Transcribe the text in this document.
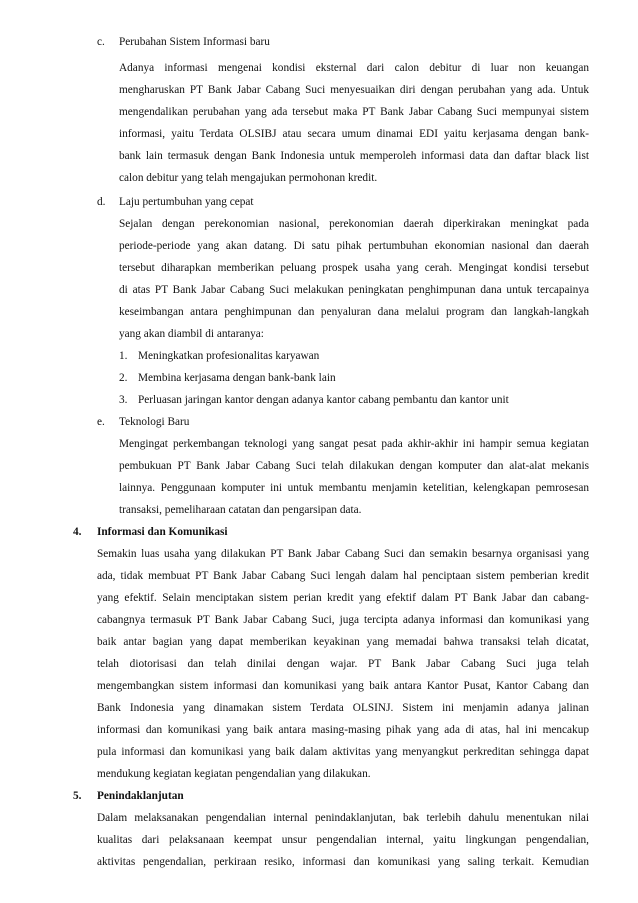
c. Perubahan Sistem Informasi baru
Adanya informasi mengenai kondisi eksternal dari calon debitur di luar non keuangan
mengharuskan PT Bank Jabar Cabang Suci menyesuaikan diri dengan perubahan yang ada. Untuk
mengendalikan perubahan yang ada tersebut maka PT Bank Jabar Cabang Suci mempunyai sistem
informasi, yaitu Terdata OLSIBJ atau secara umum dinamai EDI yaitu kerjasama dengan bank-
bank lain termasuk dengan Bank Indonesia untuk memperoleh informasi data dan daftar black list
calon debitur yang telah mengajukan permohonan kredit.
d. Laju pertumbuhan yang cepat
Sejalan dengan perekonomian nasional, perekonomian daerah diperkirakan meningkat pada
periode-periode yang akan datang. Di satu pihak pertumbuhan ekonomian nasional dan daerah
tersebut diharapkan memberikan peluang prospek usaha yang cerah. Mengingat kondisi tersebut
di atas PT Bank Jabar Cabang Suci melakukan peningkatan penghimpunan dana untuk tercapainya
keseimbangan antara penghimpunan dan penyaluran dana melalui program dan langkah-langkah
yang akan diambil di antaranya:
1. Meningkatkan profesionalitas karyawan
2. Membina kerjasama dengan bank-bank lain
3. Perluasan jaringan kantor dengan adanya kantor cabang pembantu dan kantor unit
e. Teknologi Baru
Mengingat perkembangan teknologi yang sangat pesat pada akhir-akhir ini hampir semua kegiatan
pembukuan PT Bank Jabar Cabang Suci telah dilakukan dengan komputer dan alat-alat mekanis
lainnya. Penggunaan komputer ini untuk membantu menjamin ketelitian, kelengkapan pemrosesan
transaksi, pemeliharaan catatan dan pengarsipan data.
4. Informasi dan Komunikasi
Semakin luas usaha yang dilakukan PT Bank Jabar Cabang Suci dan semakin besarnya organisasi yang
ada, tidak membuat PT Bank Jabar Cabang Suci lengah dalam hal penciptaan sistem pemberian kredit
yang efektif. Selain menciptakan sistem perian kredit yang efektif dalam PT Bank Jabar dan cabang-
cabangnya termasuk PT Bank Jabar Cabang Suci, juga tercipta adanya informasi dan komunikasi yang
baik antar bagian yang dapat memberikan keyakinan yang memadai bahwa transaksi telah dicatat,
telah diotorisasi dan telah dinilai dengan wajar. PT Bank Jabar Cabang Suci juga telah
mengembangkan sistem informasi dan komunikasi yang baik antara Kantor Pusat, Kantor Cabang dan
Bank Indonesia yang dinamakan sistem Terdata OLSINJ. Sistem ini menjamin adanya jalinan
informasi dan komunikasi yang baik antara masing-masing pihak yang ada di atas, hal ini mencakup
pula informasi dan komunikasi yang baik dalam aktivitas yang menyangkut perkreditan sehingga dapat
mendukung kegiatan kegiatan pengendalian yang dilakukan.
5. Penindaklanjutan
Dalam melaksanakan pengendalian internal penindaklanjutan, bak terlebih dahulu menentukan nilai
kualitas dari pelaksanaan keempat unsur pengendalian internal, yaitu lingkungan pengendalian,
aktivitas pengendalian, perkiraan resiko, informasi dan komunikasi yang saling terkait. Kemudian
